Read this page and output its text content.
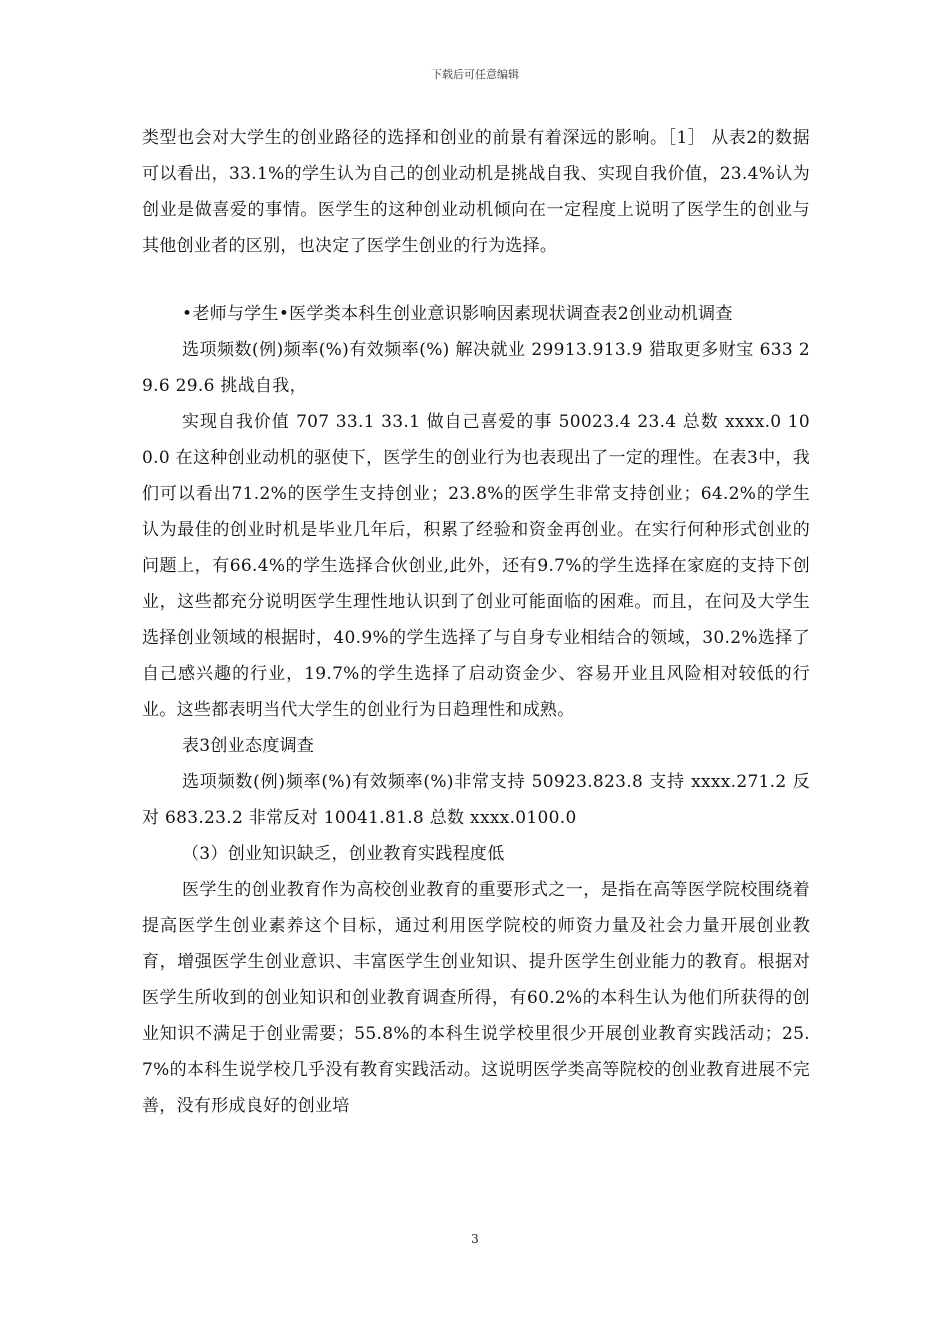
下载后可任意编辑

类型也会对大学生的创业路径的选择和创业的前景有着深远的影响。［1］ 从表2的数据可以看出，33.1%的学生认为自己的创业动机是挑战自我、实现自我价值，23.4%认为创业是做喜爱的事情。医学生的这种创业动机倾向在一定程度上说明了医学生的创业与其他创业者的区别，也决定了医学生创业的行为选择。

•老师与学生•医学类本科生创业意识影响因素现状调查表2创业动机调查

选项频数(例)频率(%)有效频率(%) 解决就业 29913.913.9 猎取更多财宝 633 29.6 29.6 挑战自我，

实现自我价值 707 33.1 33.1 做自己喜爱的事 50023.4 23.4 总数 xxxx.0 100.0 在这种创业动机的驱使下，医学生的创业行为也表现出了一定的理性。在表3中，我们可以看出71.2%的医学生支持创业；23.8%的医学生非常支持创业；64.2%的学生认为最佳的创业时机是毕业几年后，积累了经验和资金再创业。在实行何种形式创业的问题上，有66.4%的学生选择合伙创业,此外，还有9.7%的学生选择在家庭的支持下创业，这些都充分说明医学生理性地认识到了创业可能面临的困难。而且，在问及大学生选择创业领域的根据时，40.9%的学生选择了与自身专业相结合的领域，30.2%选择了自己感兴趣的行业，19.7%的学生选择了启动资金少、容易开业且风险相对较低的行业。这些都表明当代大学生的创业行为日趋理性和成熟。

表3创业态度调查

选项频数(例)频率(%)有效频率(%)非常支持 50923.823.8 支持 xxxx.271.2 反对 683.23.2 非常反对 10041.81.8 总数 xxxx.0100.0

（3）创业知识缺乏，创业教育实践程度低

医学生的创业教育作为高校创业教育的重要形式之一，是指在高等医学院校围绕着提高医学生创业素养这个目标，通过利用医学院校的师资力量及社会力量开展创业教育，增强医学生创业意识、丰富医学生创业知识、提升医学生创业能力的教育。根据对医学生所收到的创业知识和创业教育调查所得，有60.2%的本科生认为他们所获得的创业知识不满足于创业需要；55.8%的本科生说学校里很少开展创业教育实践活动；25.7%的本科生说学校几乎没有教育实践活动。这说明医学类高等院校的创业教育进展不完善，没有形成良好的创业培

3
